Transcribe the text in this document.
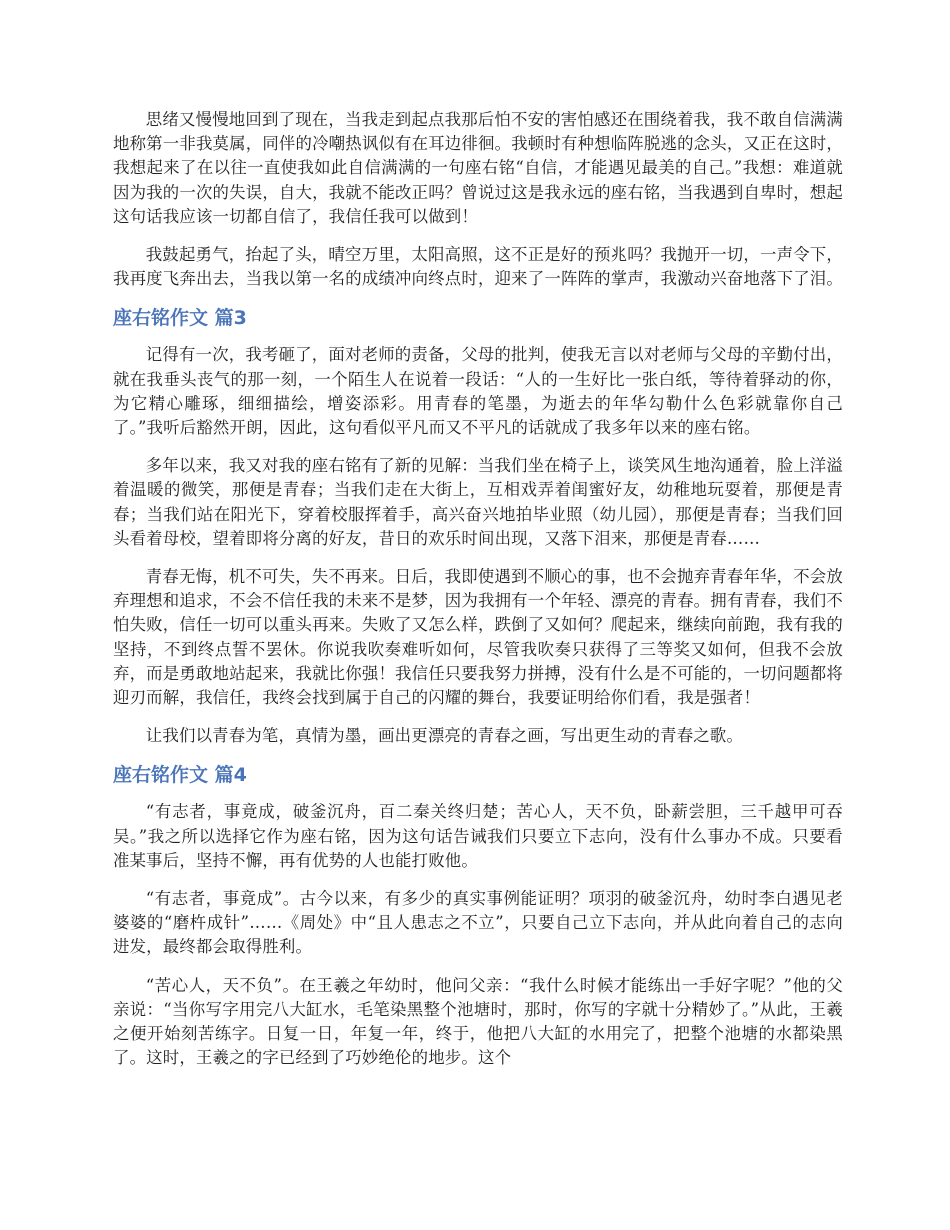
思绪又慢慢地回到了现在，当我走到起点我那后怕不安的害怕感还在围绕着我，我不敢自信满满地称第一非我莫属，同伴的冷嘲热讽似有在耳边徘徊。我顿时有种想临阵脱逃的念头，又正在这时，我想起来了在以往一直使我如此自信满满的一句座右铭“自信，才能遇见最美的自己。”我想：难道就因为我的一次的失误，自大，我就不能改正吗？曾说过这是我永远的座右铭，当我遇到自卑时，想起这句话我应该一切都自信了，我信任我可以做到！

我鼓起勇气，抬起了头，晴空万里，太阳高照，这不正是好的预兆吗？我抛开一切，一声令下，我再度飞奔出去，当我以第一名的成绩冲向终点时，迎来了一阵阵的掌声，我激动兴奋地落下了泪。

座右铭作文 篇3

记得有一次，我考砸了，面对老师的责备，父母的批判，使我无言以对老师与父母的辛勤付出，就在我垂头丧气的那一刻，一个陌生人在说着一段话：“人的一生好比一张白纸，等待着驿动的你，为它精心雕琢，细细描绘，增姿添彩。用青春的笔墨，为逝去的年华勾勒什么色彩就靠你自己了。”我听后豁然开朗，因此，这句看似平凡而又不平凡的话就成了我多年以来的座右铭。

多年以来，我又对我的座右铭有了新的见解：当我们坐在椅子上，谈笑风生地沟通着，脸上洋溢着温暖的微笑，那便是青春；当我们走在大街上，互相戏弄着闺蜜好友，幼稚地玩耍着，那便是青春；当我们站在阳光下，穿着校服挥着手，高兴奋兴地拍毕业照（幼儿园），那便是青春；当我们回头看着母校，望着即将分离的好友，昔日的欢乐时间出现，又落下泪来，那便是青春……

青春无悔，机不可失，失不再来。日后，我即使遇到不顺心的事，也不会抛弃青春年华，不会放弃理想和追求，不会不信任我的未来不是梦，因为我拥有一个年轻、漂亮的青春。拥有青春，我们不怕失败，信任一切可以重头再来。失败了又怎么样，跌倒了又如何？爬起来，继续向前跑，我有我的坚持，不到终点誓不罢休。你说我吹奏难听如何，尽管我吹奏只获得了三等奖又如何，但我不会放弃，而是勇敢地站起来，我就比你强！我信任只要我努力拼搏，没有什么是不可能的，一切问题都将迎刃而解，我信任，我终会找到属于自己的闪耀的舞台，我要证明给你们看，我是强者！

让我们以青春为笔，真情为墨，画出更漂亮的青春之画，写出更生动的青春之歌。

座右铭作文 篇4

“有志者，事竟成，破釜沉舟，百二秦关终归楚；苦心人，天不负，卧薪尝胆，三千越甲可吞吴。”我之所以选择它作为座右铭，因为这句话告诫我们只要立下志向，没有什么事办不成。只要看准某事后，坚持不懈，再有优势的人也能打败他。

“有志者，事竟成”。古今以来，有多少的真实事例能证明？项羽的破釜沉舟，幼时李白遇见老婆婆的“磨杵成针”……《周处》中“且人患志之不立”，只要自己立下志向，并从此向着自己的志向进发，最终都会取得胜利。

“苦心人，天不负”。在王羲之年幼时，他问父亲：“我什么时候才能练出一手好字呢？”他的父亲说：“当你写字用完八大缸水，毛笔染黑整个池塘时，那时，你写的字就十分精妙了。”从此，王羲之便开始刻苦练字。日复一日，年复一年，终于，他把八大缸的水用完了，把整个池塘的水都染黑了。这时，王羲之的字已经到了巧妙绝伦的地步。这个
